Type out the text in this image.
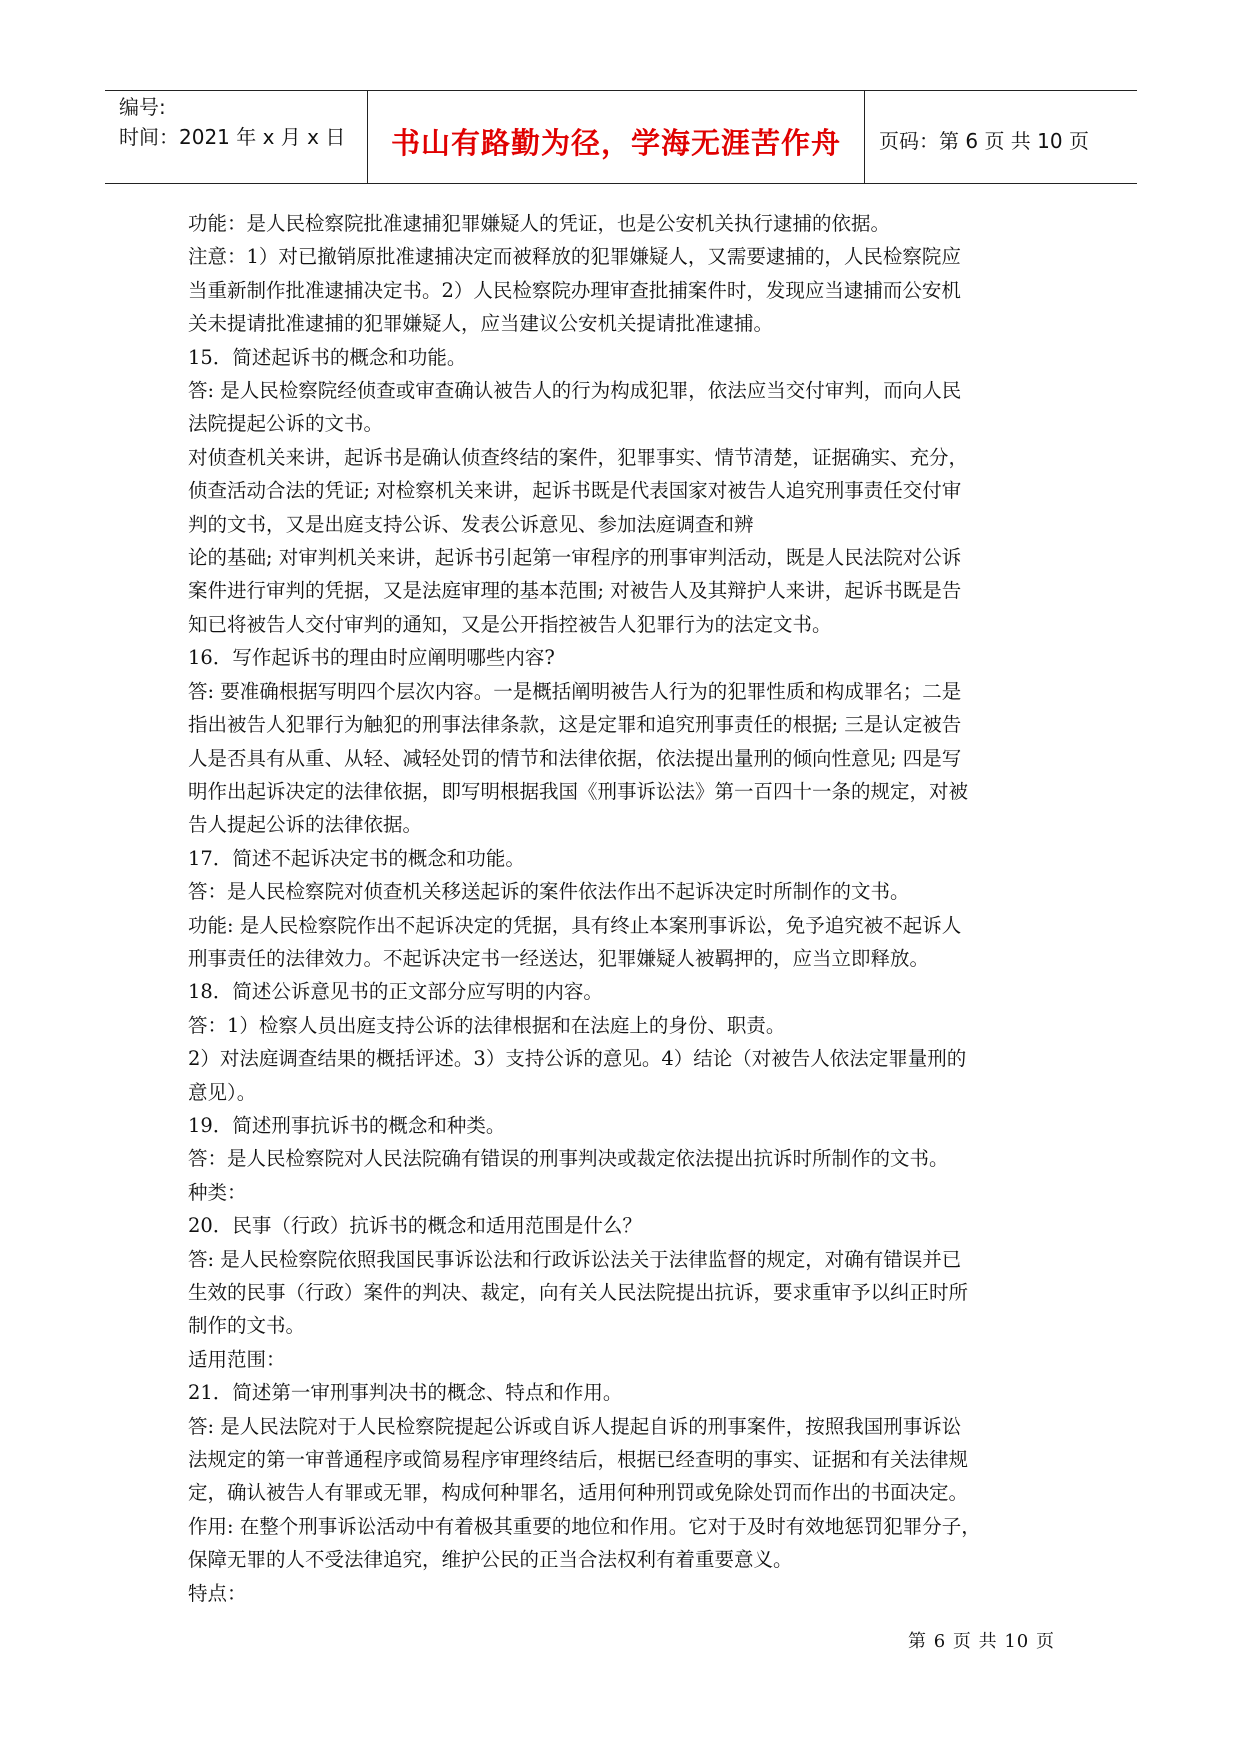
编号:
时间：2021 年 x 月 x 日	书山有路勤为径，学海无涯苦作舟	页码：第 6 页 共 10 页

功能：是人民检察院批准逮捕犯罪嫌疑人的凭证，也是公安机关执行逮捕的依据。

注意：1）对已撤销原批准逮捕决定而被释放的犯罪嫌疑人，又需要逮捕的，人民检察院应

当重新制作批准逮捕决定书。2）人民检察院办理审查批捕案件时，发现应当逮捕而公安机

关未提请批准逮捕的犯罪嫌疑人，应当建议公安机关提请批准逮捕。

15．简述起诉书的概念和功能。

答: 是人民检察院经侦查或审查确认被告人的行为构成犯罪，依法应当交付审判，而向人民

法院提起公诉的文书。

对侦查机关来讲，起诉书是确认侦查终结的案件，犯罪事实、情节清楚，证据确实、充分，

侦查活动合法的凭证; 对检察机关来讲，起诉书既是代表国家对被告人追究刑事责任交付审

判的文书，又是出庭支持公诉、发表公诉意见、参加法庭调查和辨

论的基础; 对审判机关来讲，起诉书引起第一审程序的刑事审判活动，既是人民法院对公诉

案件进行审判的凭据，又是法庭审理的基本范围; 对被告人及其辩护人来讲，起诉书既是告

知已将被告人交付审判的通知，又是公开指控被告人犯罪行为的法定文书。

16．写作起诉书的理由时应阐明哪些内容?

答: 要准确根据写明四个层次内容。一是概括阐明被告人行为的犯罪性质和构成罪名；二是

指出被告人犯罪行为触犯的刑事法律条款，这是定罪和追究刑事责任的根据; 三是认定被告

人是否具有从重、从轻、减轻处罚的情节和法律依据，依法提出量刑的倾向性意见; 四是写

明作出起诉决定的法律依据，即写明根据我国《刑事诉讼法》第一百四十一条的规定，对被

告人提起公诉的法律依据。

17．简述不起诉决定书的概念和功能。

答：是人民检察院对侦查机关移送起诉的案件依法作出不起诉决定时所制作的文书。

功能: 是人民检察院作出不起诉决定的凭据，具有终止本案刑事诉讼，免予追究被不起诉人

刑事责任的法律效力。不起诉决定书一经送达，犯罪嫌疑人被羁押的，应当立即释放。

18．简述公诉意见书的正文部分应写明的内容。

答：1）检察人员出庭支持公诉的法律根据和在法庭上的身份、职责。

2）对法庭调查结果的概括评述。3）支持公诉的意见。4）结论（对被告人依法定罪量刑的

意见）。

19．简述刑事抗诉书的概念和种类。

答：是人民检察院对人民法院确有错误的刑事判决或裁定依法提出抗诉时所制作的文书。

种类：

20．民事（行政）抗诉书的概念和适用范围是什么？

答: 是人民检察院依照我国民事诉讼法和行政诉讼法关于法律监督的规定，对确有错误并已

生效的民事（行政）案件的判决、裁定，向有关人民法院提出抗诉，要求重审予以纠正时所

制作的文书。

适用范围：

21．简述第一审刑事判决书的概念、特点和作用。

答: 是人民法院对于人民检察院提起公诉或自诉人提起自诉的刑事案件，按照我国刑事诉讼

法规定的第一审普通程序或简易程序审理终结后，根据已经查明的事实、证据和有关法律规

定，确认被告人有罪或无罪，构成何种罪名，适用何种刑罚或免除处罚而作出的书面决定。

作用: 在整个刑事诉讼活动中有着极其重要的地位和作用。它对于及时有效地惩罚犯罪分子，

保障无罪的人不受法律追究，维护公民的正当合法权利有着重要意义。

特点：

第 6 页 共 10 页
